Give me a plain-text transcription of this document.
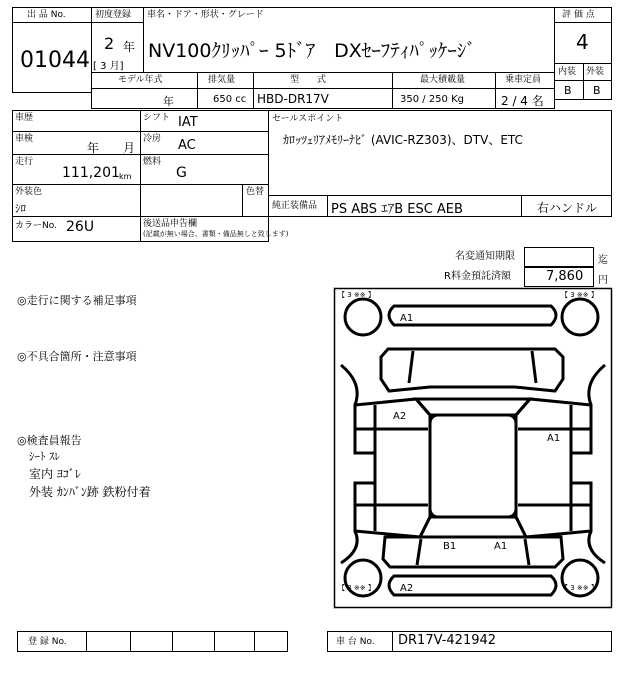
出 品 No.
01044
初度登録
2 年
[ 3 月]
車名・ドア・形状・グレード
NV100ｸﾘｯﾊﾟｰ 5ﾄﾞｱ　DXｾｰﾌﾃｨﾊﾟｯｹｰｼﾞ
評 価 点
4
モデル年式	排気量	型　　式	最大積載量	乗車定員
年	650 cc HBD-DR17V	350 / 250 Kg	2 / 4 名
内装 外装
B B
車歴	シフト IAT
車検
年 月
冷房 AC
走行
111,201 km
燃料
G
外装色
ｼﾛ
色替
カラーNo. 26U	後送品申告欄
(記載が無い場合、書類・備品無しと致します)
セールスポイント
ｶﾛｯﾂｪﾘｱﾒﾓﾘｰﾅﾋﾞ (AVIC-RZ303)、DTV、ETC
純正装備品 PS ABS ｴｱB ESC AEB	右ハンドル
名変通知期限	迄
R料金預託済額	7,860 円
◎走行に関する補足事項
◎不具合箇所・注意事項
◎検査員報告
ｼｰﾄ ｽﾚ
室内 ﾖｺﾞﾚ
外装 ｶﾝﾊﾞﾝ跡 鉄粉付着
【 3 ※※ 】	【 3 ※※ 】
【 3 ※※ 】	【 3 ※※ 】
A1
A2
A1
B1	A1
A2
登 録 No.	車 台 No. DR17V-421942
